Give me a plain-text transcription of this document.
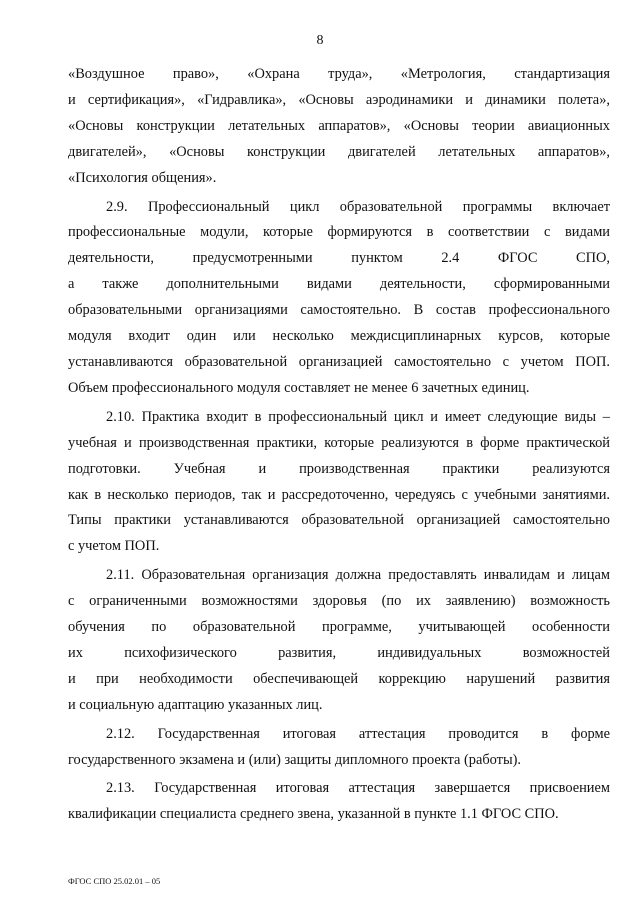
8
«Воздушное право», «Охрана труда», «Метрология, стандартизация
и сертификация», «Гидравлика», «Основы аэродинамики и динамики полета»,
«Основы конструкции летательных аппаратов», «Основы теории авиационных
двигателей», «Основы конструкции двигателей летательных аппаратов»,
«Психология общения».
2.9. Профессиональный цикл образовательной программы включает
профессиональные модули, которые формируются в соответствии с видами
деятельности, предусмотренными пунктом 2.4 ФГОС СПО,
а также дополнительными видами деятельности, сформированными
образовательными организациями самостоятельно. В состав профессионального
модуля входит один или несколько междисциплинарных курсов, которые
устанавливаются образовательной организацией самостоятельно с учетом ПОП.
Объем профессионального модуля составляет не менее 6 зачетных единиц.
2.10. Практика входит в профессиональный цикл и имеет следующие виды –
учебная и производственная практики, которые реализуются в форме практической
подготовки. Учебная и производственная практики реализуются
как в несколько периодов, так и рассредоточенно, чередуясь с учебными занятиями.
Типы практики устанавливаются образовательной организацией самостоятельно
с учетом ПОП.
2.11. Образовательная организация должна предоставлять инвалидам и лицам
с ограниченными возможностями здоровья (по их заявлению) возможность
обучения по образовательной программе, учитывающей особенности
их психофизического развития, индивидуальных возможностей
и при необходимости обеспечивающей коррекцию нарушений развития
и социальную адаптацию указанных лиц.
2.12. Государственная итоговая аттестация проводится в форме
государственного экзамена и (или) защиты дипломного проекта (работы).
2.13. Государственная итоговая аттестация завершается присвоением
квалификации специалиста среднего звена, указанной в пункте 1.1 ФГОС СПО.
ФГОС СПО 25.02.01 – 05
